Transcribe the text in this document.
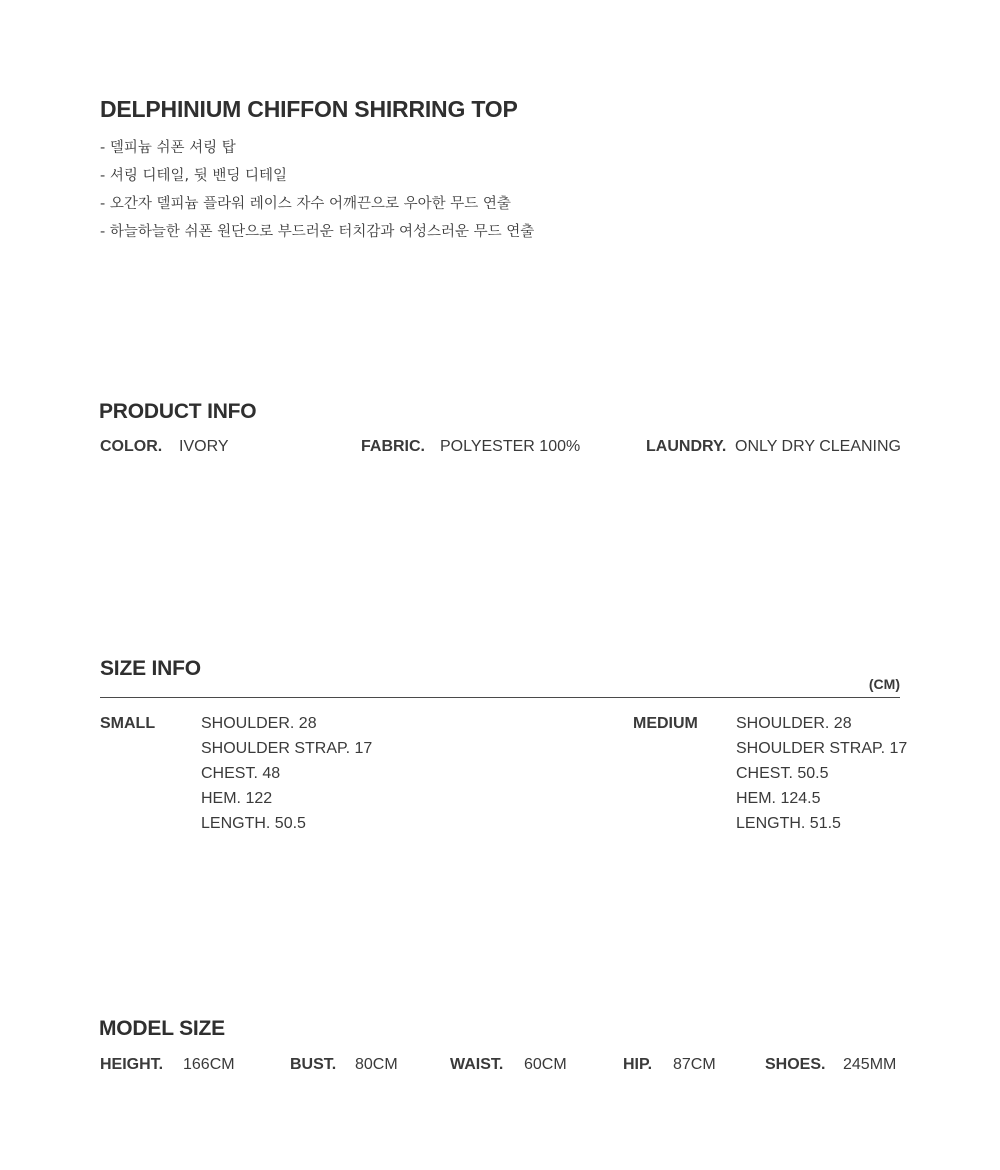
DELPHINIUM CHIFFON SHIRRING TOP
- 델피늄 쉬폰 셔링 탑
- 셔링 디테일, 뒷 밴딩 디테일
- 오간자 델피늄 플라워 레이스 자수 어깨끈으로 우아한 무드 연출
- 하늘하늘한 쉬폰 원단으로 부드러운 터치감과 여성스러운 무드 연출
PRODUCT INFO
COLOR. IVORY	FABRIC. POLYESTER 100%	LAUNDRY. ONLY DRY CLEANING
SIZE INFO
(CM)
SMALL	SHOULDER. 28
SHOULDER STRAP. 17
CHEST. 48
HEM. 122
LENGTH. 50.5
MEDIUM SHOULDER. 28
SHOULDER STRAP. 17
CHEST. 50.5
HEM. 124.5
LENGTH. 51.5
MODEL SIZE
HEIGHT. 166CM	BUST. 80CM	WAIST. 60CM	HIP. 87CM	SHOES. 245MM
